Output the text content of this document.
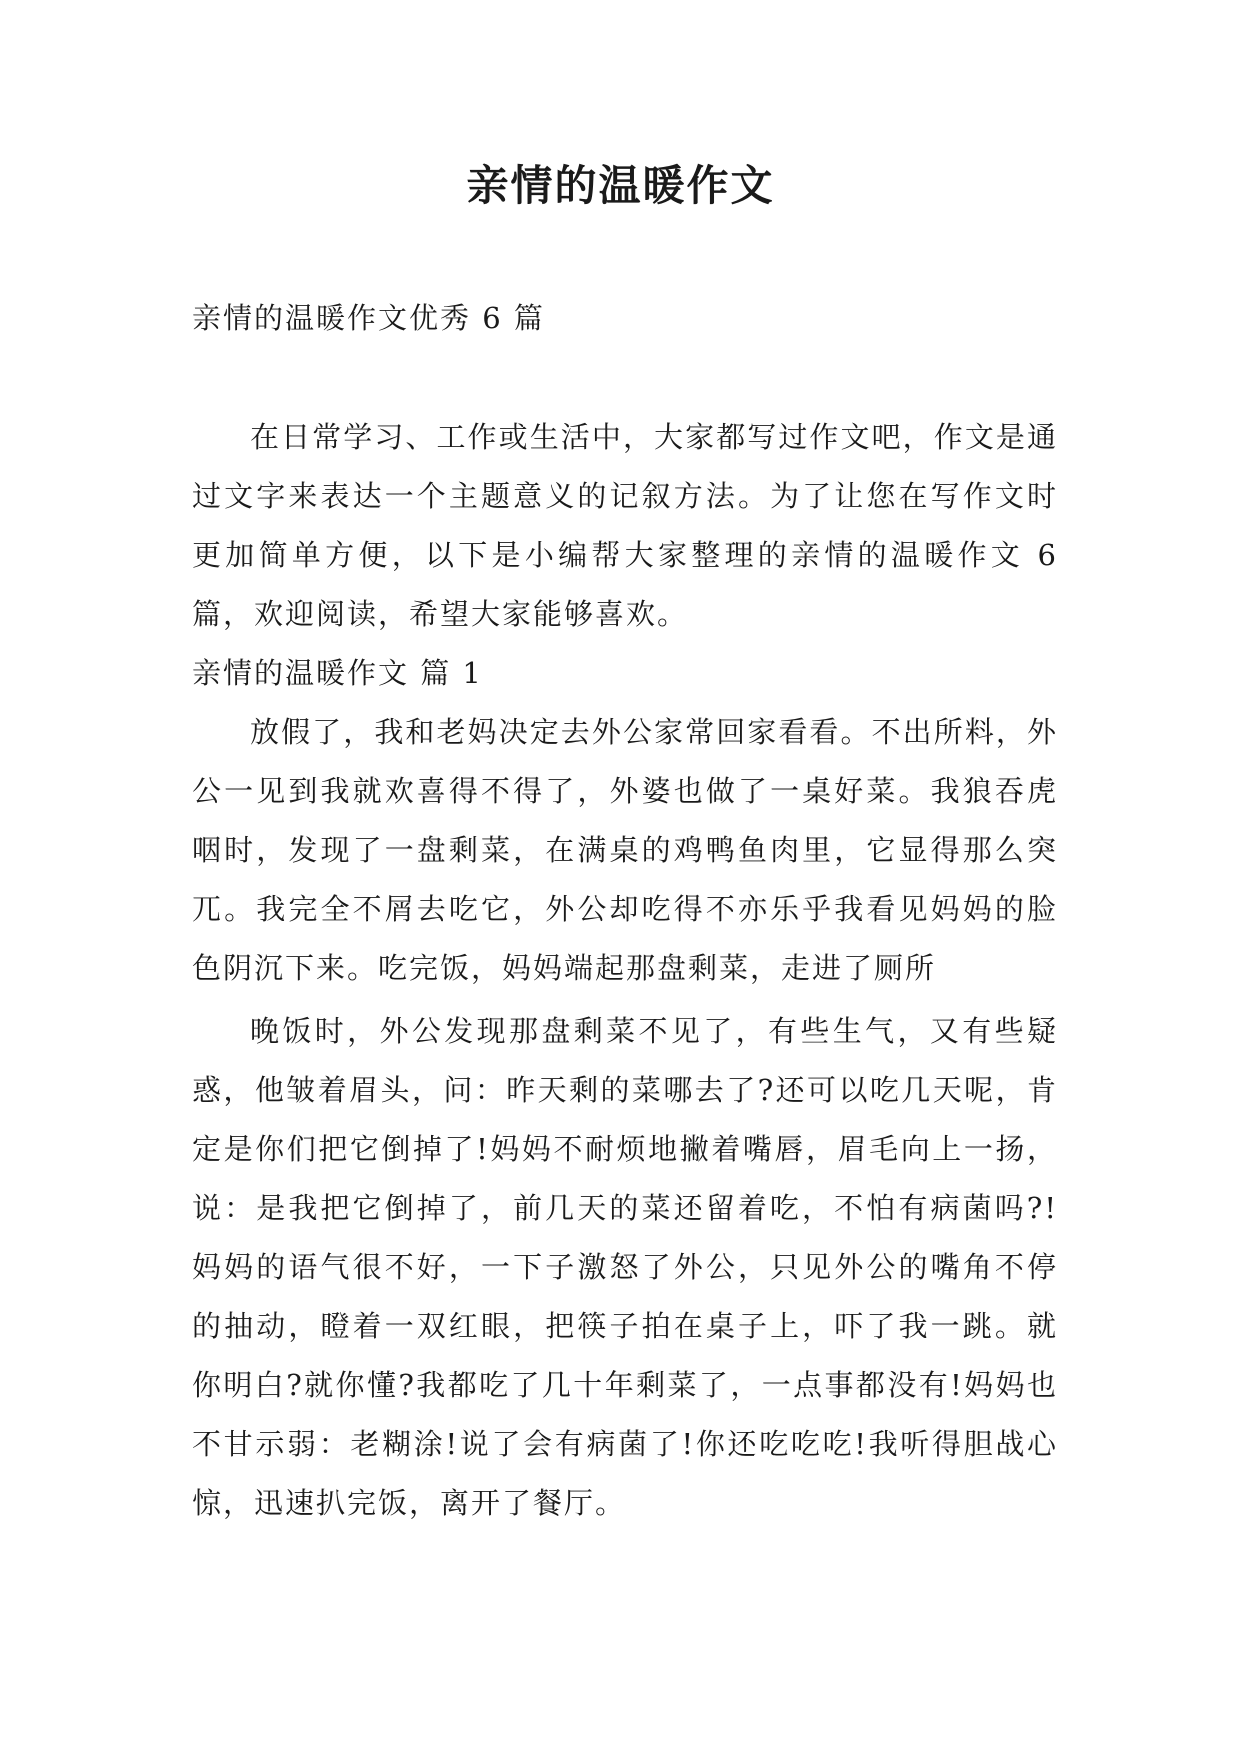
亲情的温暖作文

亲情的温暖作文优秀 6 篇

在日常学习、工作或生活中，大家都写过作文吧，作文是通过文字来表达一个主题意义的记叙方法。为了让您在写作文时更加简单方便，以下是小编帮大家整理的亲情的温暖作文 6 篇，欢迎阅读，希望大家能够喜欢。

亲情的温暖作文 篇 1

放假了，我和老妈决定去外公家常回家看看。不出所料，外公一见到我就欢喜得不得了，外婆也做了一桌好菜。我狼吞虎咽时，发现了一盘剩菜，在满桌的鸡鸭鱼肉里，它显得那么突兀。我完全不屑去吃它，外公却吃得不亦乐乎我看见妈妈的脸色阴沉下来。吃完饭，妈妈端起那盘剩菜，走进了厕所

晚饭时，外公发现那盘剩菜不见了，有些生气，又有些疑惑，他皱着眉头，问：昨天剩的菜哪去了?还可以吃几天呢，肯定是你们把它倒掉了!妈妈不耐烦地撇着嘴唇，眉毛向上一扬，说：是我把它倒掉了，前几天的菜还留着吃，不怕有病菌吗?!妈妈的语气很不好，一下子激怒了外公，只见外公的嘴角不停的抽动，瞪着一双红眼，把筷子拍在桌子上，吓了我一跳。就你明白?就你懂?我都吃了几十年剩菜了，一点事都没有!妈妈也不甘示弱：老糊涂!说了会有病菌了!你还吃吃吃!我听得胆战心惊，迅速扒完饭，离开了餐厅。
